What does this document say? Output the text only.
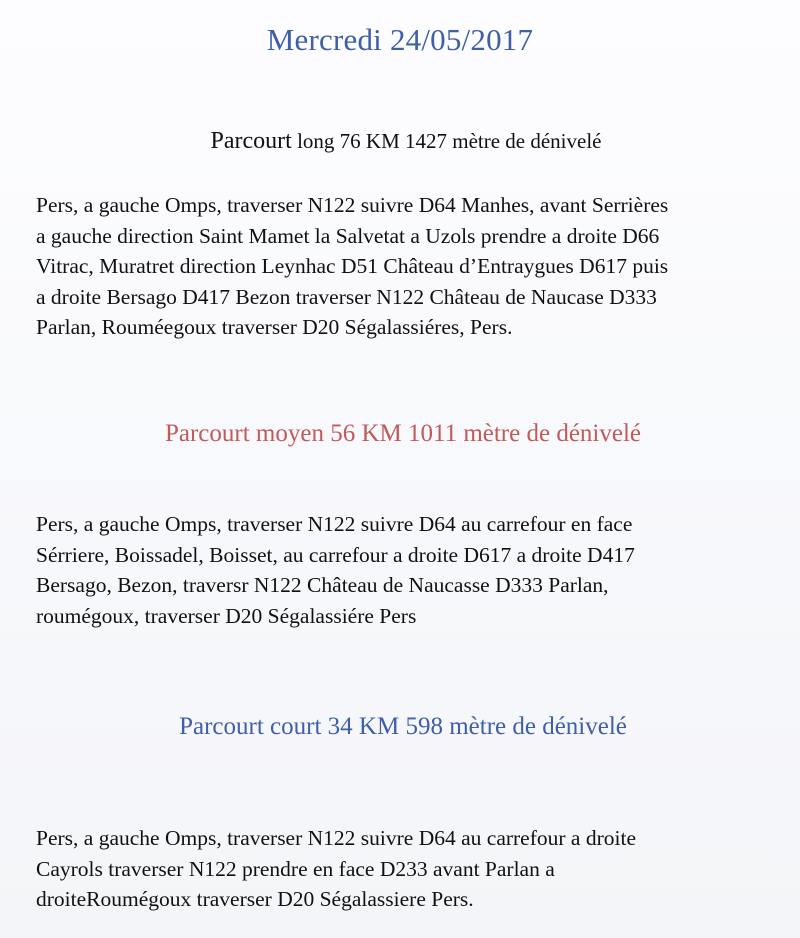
Mercredi 24/05/2017
Parcourt long 76 KM 1427 mètre de dénivelé
Pers, a gauche Omps, traverser N122 suivre D64 Manhes, avant Serrières
a gauche direction Saint Mamet la Salvetat a Uzols prendre a droite D66
Vitrac, Muratret direction Leynhac D51 Château d’Entraygues D617 puis
a droite Bersago D417 Bezon traverser N122 Château de Naucase D333
Parlan, Rouméegoux traverser D20 Ségalassiéres, Pers.
Parcourt moyen 56 KM 1011 mètre de dénivelé
Pers, a gauche Omps, traverser N122 suivre D64 au carrefour en face
Sérriere, Boissadel, Boisset, au carrefour a droite D617 a droite D417
Bersago, Bezon, traversr N122 Château de Naucasse D333 Parlan,
roumégoux, traverser D20 Ségalassiére Pers
Parcourt court 34 KM 598 mètre de dénivelé
Pers, a gauche Omps, traverser N122 suivre D64 au carrefour a droite
Cayrols traverser N122 prendre en face D233 avant Parlan a
droiteRoumégoux traverser D20 Ségalassiere Pers.
